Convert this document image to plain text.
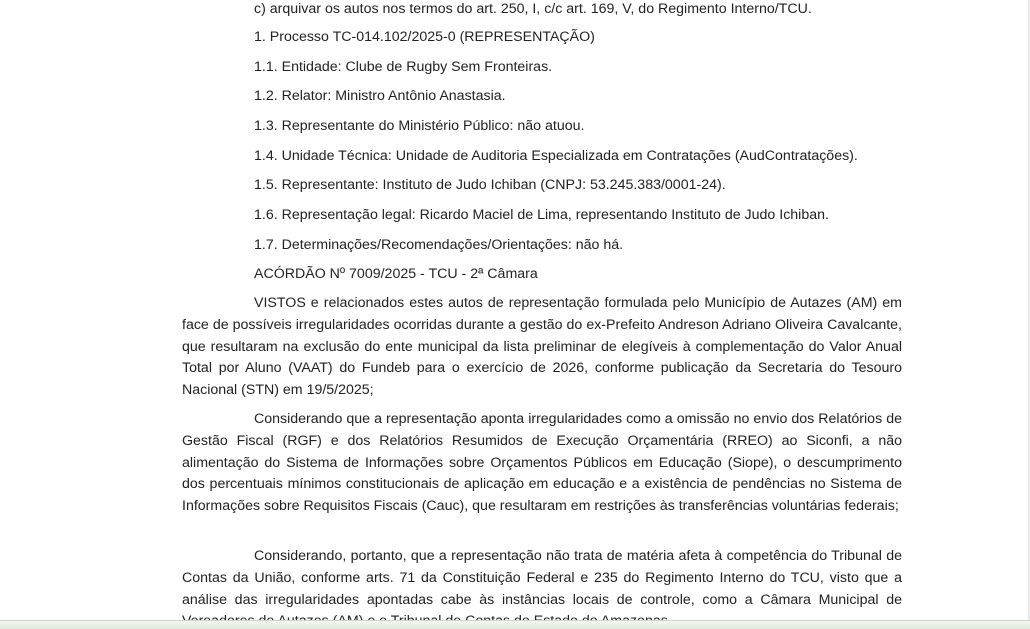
c) arquivar os autos nos termos do art. 250, I, c/c art. 169, V, do Regimento Interno/TCU.
1. Processo TC-014.102/2025-0 (REPRESENTAÇÃO)
1.1. Entidade: Clube de Rugby Sem Fronteiras.
1.2. Relator: Ministro Antônio Anastasia.
1.3. Representante do Ministério Público: não atuou.
1.4. Unidade Técnica: Unidade de Auditoria Especializada em Contratações (AudContratações).
1.5. Representante: Instituto de Judo Ichiban (CNPJ: 53.245.383/0001-24).
1.6. Representação legal: Ricardo Maciel de Lima, representando Instituto de Judo Ichiban.
1.7. Determinações/Recomendações/Orientações: não há.
ACÓRDÃO Nº 7009/2025 - TCU - 2ª Câmara

VISTOS e relacionados estes autos de representação formulada pelo Município de Autazes (AM) em face de possíveis irregularidades ocorridas durante a gestão do ex-Prefeito Andreson Adriano Oliveira Cavalcante, que resultaram na exclusão do ente municipal da lista preliminar de elegíveis à complementação do Valor Anual Total por Aluno (VAAT) do Fundeb para o exercício de 2026, conforme publicação da Secretaria do Tesouro Nacional (STN) em 19/5/2025;

Considerando que a representação aponta irregularidades como a omissão no envio dos Relatórios de Gestão Fiscal (RGF) e dos Relatórios Resumidos de Execução Orçamentária (RREO) ao Siconfi, a não alimentação do Sistema de Informações sobre Orçamentos Públicos em Educação (Siope), o descumprimento dos percentuais mínimos constitucionais de aplicação em educação e a existência de pendências no Sistema de Informações sobre Requisitos Fiscais (Cauc), que resultaram em restrições às transferências voluntárias federais;

Considerando, portanto, que a representação não trata de matéria afeta à competência do Tribunal de Contas da União, conforme arts. 71 da Constituição Federal e 235 do Regimento Interno do TCU, visto que a análise das irregularidades apontadas cabe às instâncias locais de controle, como a Câmara Municipal de
